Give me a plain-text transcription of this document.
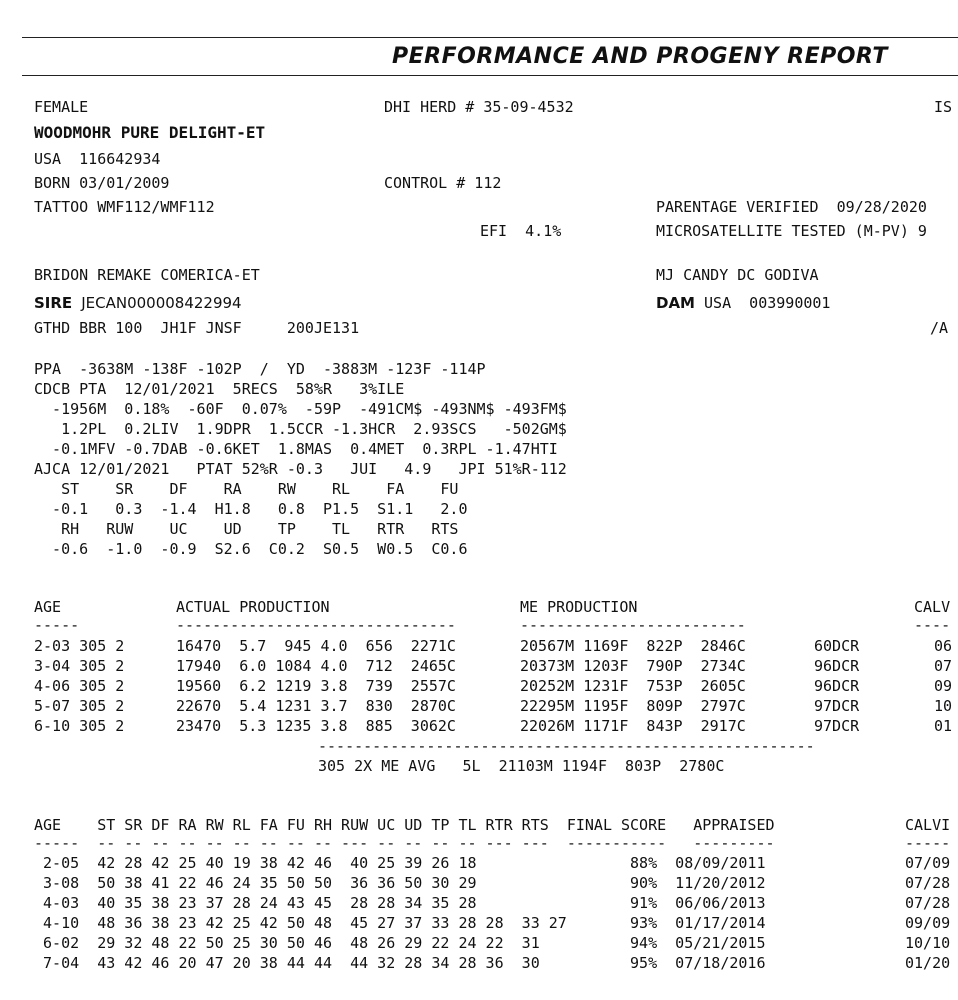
PERFORMANCE AND PROGENY REPORT
FEMALE	DHI HERD # 35-09-4532	IS
WOODMOHR PURE DELIGHT-ET
USA  116642934
BORN 03/01/2009	CONTROL # 112
TATTOO WMF112/WMF112	PARENTAGE VERIFIED  09/28/2020
EFI  4.1%	MICROSATELLITE TESTED (M-PV) 9
BRIDON REMAKE COMERICA-ET	MJ CANDY DC GODIVA
SIRE JECAN000008422994	DAM USA  003990001
GTHD BBR 100  JH1F JNSF     200JE131	/A
PPA  -3638M -138F -102P  /  YD  -3883M -123F -114P
CDCB PTA  12/01/2021  5RECS  58%R   3%ILE
-1956M  0.18%  -60F  0.07%  -59P  -491CM$ -493NM$ -493FM$
1.2PL  0.2LIV  1.9DPR  1.5CCR -1.3HCR  2.93SCS   -502GM$
-0.1MFV -0.7DAB -0.6KET  1.8MAS  0.4MET  0.3RPL -1.47HTI
AJCA 12/01/2021   PTAT 52%R -0.3   JUI   4.9   JPI 51%R-112
ST    SR    DF    RA    RW    RL    FA    FU
-0.1   0.3  -1.4  H1.8   0.8  P1.5  S1.1   2.0
RH   RUW    UC    UD    TP    TL   RTR   RTS
-0.6  -1.0  -0.9  S2.6  C0.2  S0.5  W0.5  C0.6
AGE	ACTUAL PRODUCTION	ME PRODUCTION	CALV
-----	-------------------------------	-------------------------	----
2-03 305 2	16470  5.7  945 4.0  656  2271C	20567M 1169F  822P  2846C	60DCR	06
3-04 305 2	17940  6.0 1084 4.0  712  2465C	20373M 1203F  790P  2734C	96DCR	07
4-06 305 2	19560  6.2 1219 3.8  739  2557C	20252M 1231F  753P  2605C	96DCR	09
5-07 305 2	22670  5.4 1231 3.7  830  2870C	22295M 1195F  809P  2797C	97DCR	10
6-10 305 2	23470  5.3 1235 3.8  885  3062C	22026M 1171F  843P  2917C	97DCR	01
-------------------------------------------------------
305 2X ME AVG   5L  21103M 1194F  803P  2780C
AGE    ST SR DF RA RW RL FA FU RH RUW UC UD TP TL RTR RTS  FINAL SCORE   APPRAISED	CALVI
-----  -- -- -- -- -- -- -- -- -- --- -- -- -- -- --- ---  -----------   ---------	-----
2-05  42 28 42 25 40 19 38 42 46  40 25 39 26 18                 88%  08/09/2011	07/09
3-08  50 38 41 22 46 24 35 50 50  36 36 50 30 29                 90%  11/20/2012	07/28
4-03  40 35 38 23 37 28 24 43 45  28 28 34 35 28                 91%  06/06/2013	07/28
4-10  48 36 38 23 42 25 42 50 48  45 27 37 33 28 28  33 27       93%  01/17/2014	09/09
6-02  29 32 48 22 50 25 30 50 46  48 26 29 22 24 22  31          94%  05/21/2015	10/10
7-04  43 42 46 20 47 20 38 44 44  44 32 28 34 28 36  30          95%  07/18/2016	01/20
